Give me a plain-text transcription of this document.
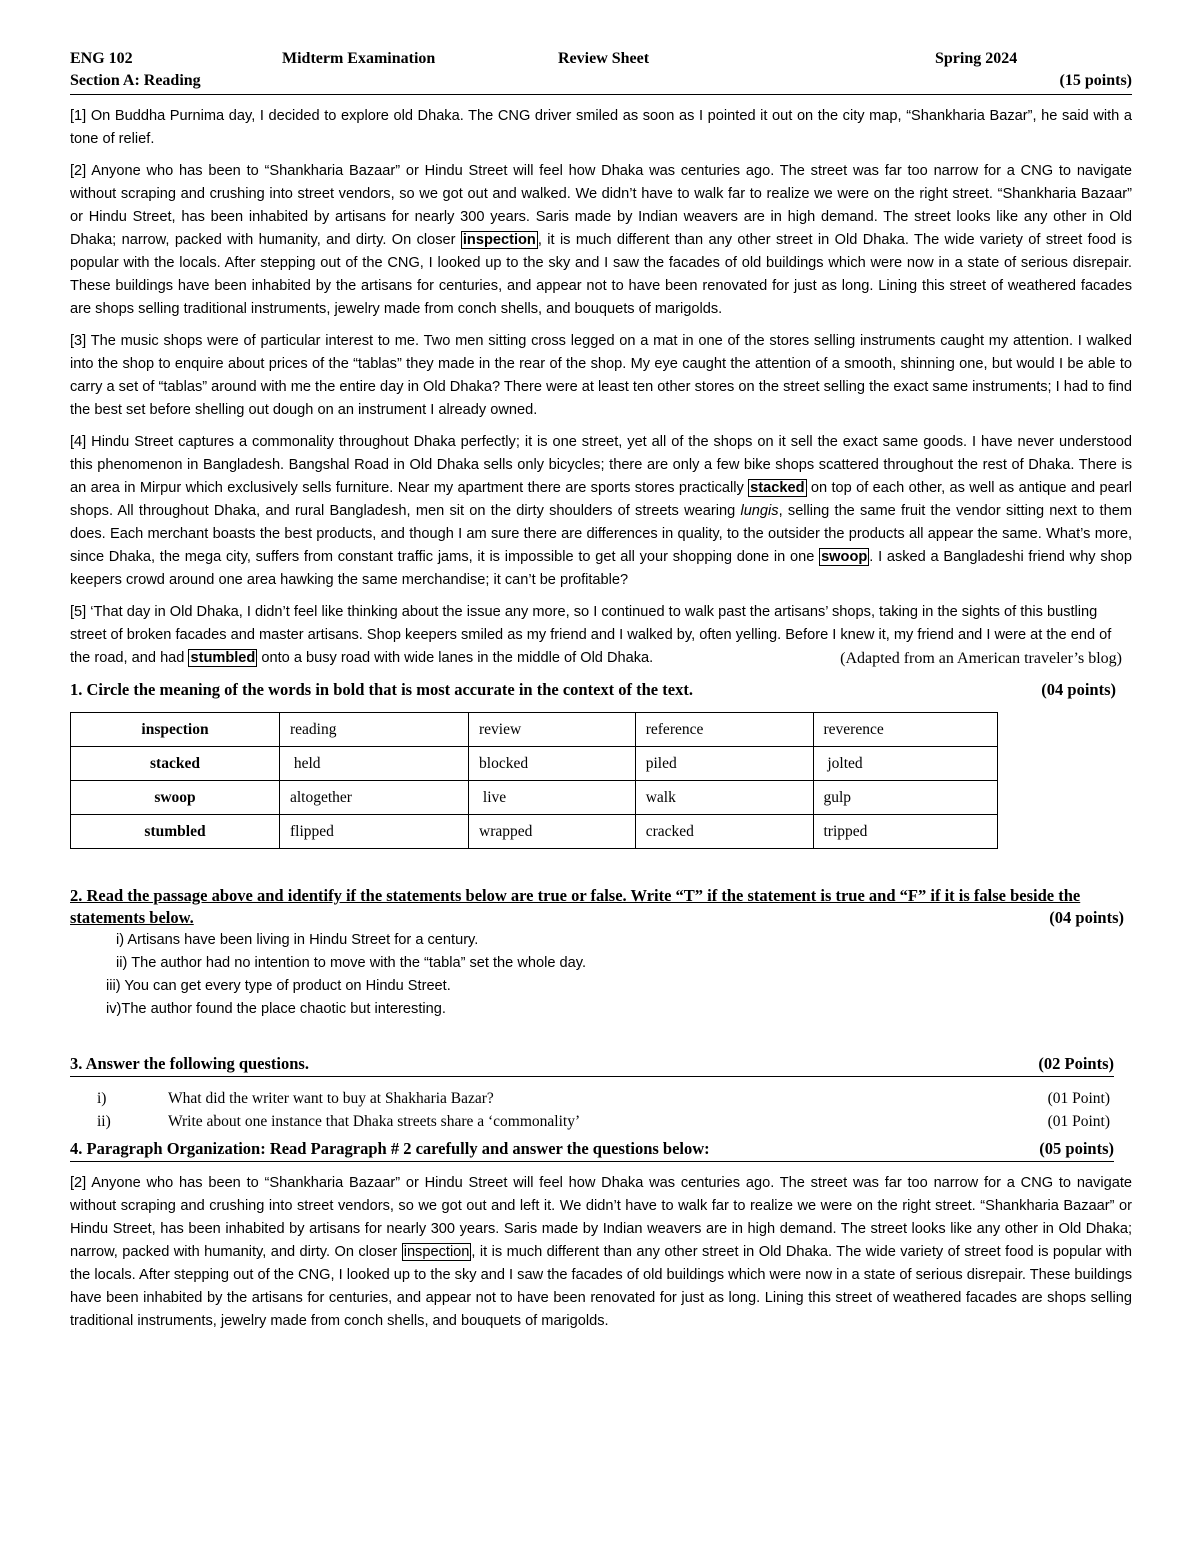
ENG 102	Midterm Examination	Review Sheet	Spring 2024
Section A: Reading	(15 points)

[1] On Buddha Purnima day, I decided to explore old Dhaka. The CNG driver smiled as soon as I pointed it out on the city map, “Shankharia Bazar”, he said with a tone of relief.

[2] Anyone who has been to “Shankharia Bazaar” or Hindu Street will feel how Dhaka was centuries ago. The street was far too narrow for a CNG to navigate without scraping and crushing into street vendors, so we got out and walked. We didn’t have to walk far to realize we were on the right street. “Shankharia Bazaar” or Hindu Street, has been inhabited by artisans for nearly 300 years. Saris made by Indian weavers are in high demand. The street looks like any other in Old Dhaka; narrow, packed with humanity, and dirty. On closer inspection , it is much different than any other street in Old Dhaka. The wide variety of street food is popular with the locals. After stepping out of the CNG, I looked up to the sky and I saw the facades of old buildings which were now in a state of serious disrepair. These buildings have been inhabited by the artisans for centuries, and appear not to have been renovated for just as long. Lining this street of weathered facades are shops selling traditional instruments, jewelry made from conch shells, and bouquets of marigolds.

[3] The music shops were of particular interest to me. Two men sitting cross legged on a mat in one of the stores selling instruments caught my attention. I walked into the shop to enquire about prices of the “tablas” they made in the rear of the shop. My eye caught the attention of a smooth, shinning one, but would I be able to carry a set of “tablas” around with me the entire day in Old Dhaka? There were at least ten other stores on the street selling the exact same instruments; I had to find the best set before shelling out dough on an instrument I already owned.

[4] Hindu Street captures a commonality throughout Dhaka perfectly; it is one street, yet all of the shops on it sell the exact same goods. I have never understood this phenomenon in Bangladesh. Bangshal Road in Old Dhaka sells only bicycles; there are only a few bike shops scattered throughout the rest of Dhaka. There is an area in Mirpur which exclusively sells furniture. Near my apartment there are sports stores practically stacked on top of each other, as well as antique and pearl shops. All throughout Dhaka, and rural Bangladesh, men sit on the dirty shoulders of streets wearing lungis, selling the same fruit the vendor sitting next to them does. Each merchant boasts the best products, and though I am sure there are differences in quality, to the outsider the products all appear the same. What’s more, since Dhaka, the mega city, suffers from constant traffic jams, it is impossible to get all your shopping done in one swoop . I asked a Bangladeshi friend why shop keepers crowd around one area hawking the same merchandise; it can’t be profitable?

[5] ‘That day in Old Dhaka, I didn’t feel like thinking about the issue any more, so I continued to walk past the artisans’ shops, taking in the sights of this bustling street of broken facades and master artisans. Shop keepers smiled as my friend and I walked by, often yelling. Before I knew it, my friend and I were at the end of the road, and had stumbled onto a busy road with wide lanes in the middle of Old Dhaka.	(Adapted from an American traveler’s blog)
1. Circle the meaning of the words in bold that is most accurate in the context of the text.	(04 points)
inspection	reading	review	reference	reverence
stacked	held	blocked	piled	jolted
swoop	altogether	live	walk	gulp
stumbled	flipped	wrapped	cracked	tripped
2. Read the passage above and identify if the statements below are true or false. Write “T” if the statement is true and “F” if it is false beside the statements below.	(04 points)
i) Artisans have been living in Hindu Street for a century.
ii) The author had no intention to move with the “tabla” set the whole day.
iii) You can get every type of product on Hindu Street.
iv)The author found the place chaotic but interesting.
3. Answer the following questions.	(02 Points)
i)	What did the writer want to buy at Shakharia Bazar?	(01 Point)
ii)	Write about one instance that Dhaka streets share a ‘commonality’	(01 Point)
4. Paragraph Organization: Read Paragraph # 2 carefully and answer the questions below:	(05 points)

[2] Anyone who has been to “Shankharia Bazaar” or Hindu Street will feel how Dhaka was centuries ago. The street was far too narrow for a CNG to navigate without scraping and crushing into street vendors, so we got out and left it. We didn’t have to walk far to realize we were on the right street. “Shankharia Bazaar” or Hindu Street, has been inhabited by artisans for nearly 300 years. Saris made by Indian weavers are in high demand. The street looks like any other in Old Dhaka; narrow, packed with humanity, and dirty. On closer inspection , it is much different than any other street in Old Dhaka. The wide variety of street food is popular with the locals. After stepping out of the CNG, I looked up to the sky and I saw the facades of old buildings which were now in a state of serious disrepair. These buildings have been inhabited by the artisans for centuries, and appear not to have been renovated for just as long. Lining this street of weathered facades are shops selling traditional instruments, jewelry made from conch shells, and bouquets of marigolds.
